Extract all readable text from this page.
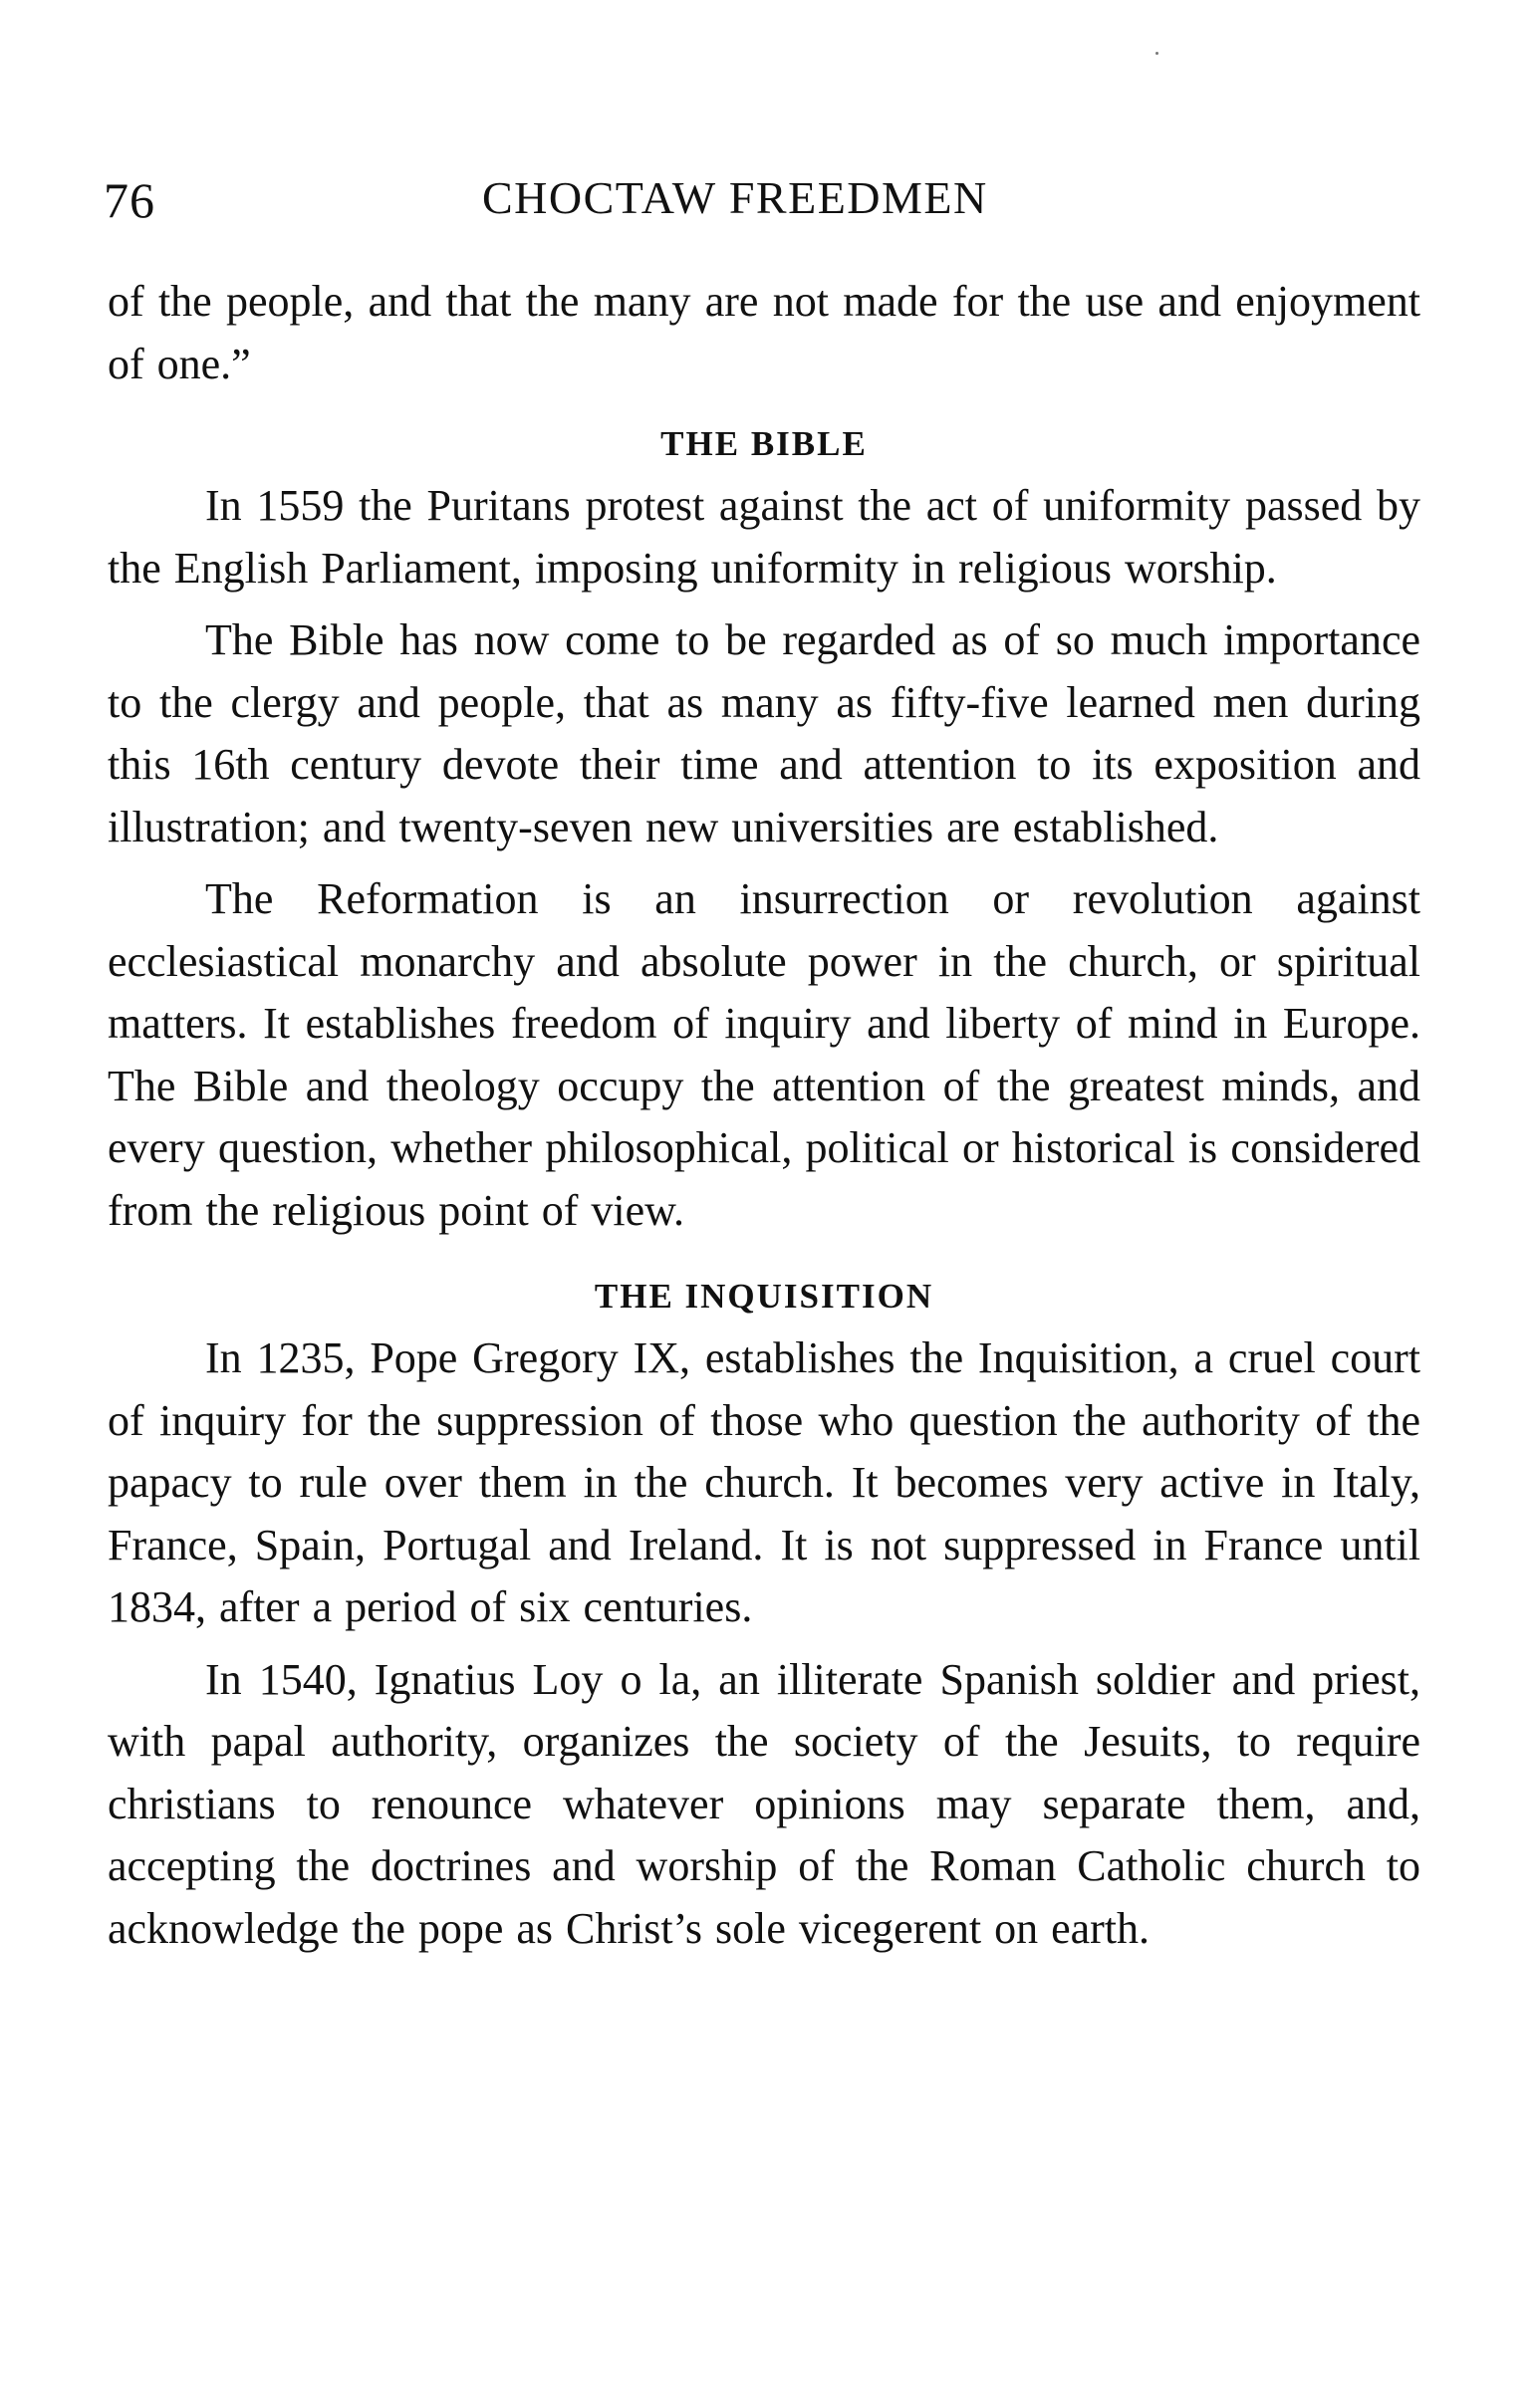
76	CHOCTAW FREEDMEN

of the people, and that the many are not made for the use and enjoyment of one.”

THE BIBLE

In 1559 the Puritans protest against the act of uniformity passed by the English Parliament, imposing uniformity in religious worship.

The Bible has now come to be regarded as of so much importance to the clergy and people, that as many as fifty-five learned men during this 16th century devote their time and attention to its exposition and illustration; and twenty-seven new universities are established.

The Reformation is an insurrection or revolution against ecclesiastical monarchy and absolute power in the church, or spiritual matters. It establishes freedom of inquiry and liberty of mind in Europe. The Bible and theology occupy the attention of the greatest minds, and every question, whether philosophical, political or historical is considered from the religious point of view.

THE INQUISITION

In 1235, Pope Gregory IX, establishes the Inquisition, a cruel court of inquiry for the suppression of those who question the authority of the papacy to rule over them in the church. It becomes very active in Italy, France, Spain, Portugal and Ireland. It is not suppressed in France until 1834, after a period of six centuries.

In 1540, Ignatius Loy o la, an illiterate Spanish soldier and priest, with papal authority, organizes the society of the Jesuits, to require christians to renounce whatever opinions may separate them, and, accepting the doctrines and worship of the Roman Catholic church to acknowledge the pope as Christ’s sole vicegerent on earth.
